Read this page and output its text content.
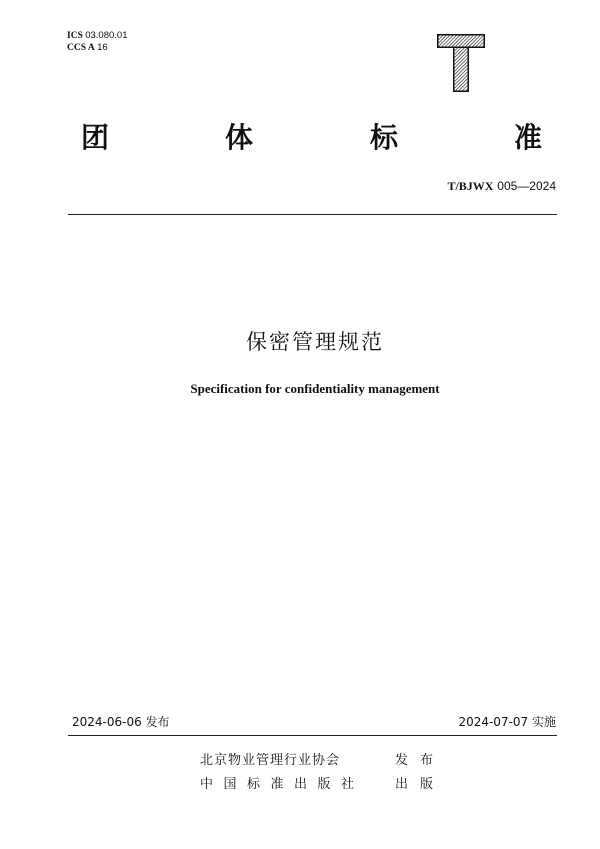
ICS 03.080.01
CCS A 16
团	体	标	准
T/BJWX 005—2024
保密管理规范
Specification for confidentiality management
2024-06-06 发布	2024-07-07 实施
北京物业管理行业协会	发布
中国标准出版社 出版
